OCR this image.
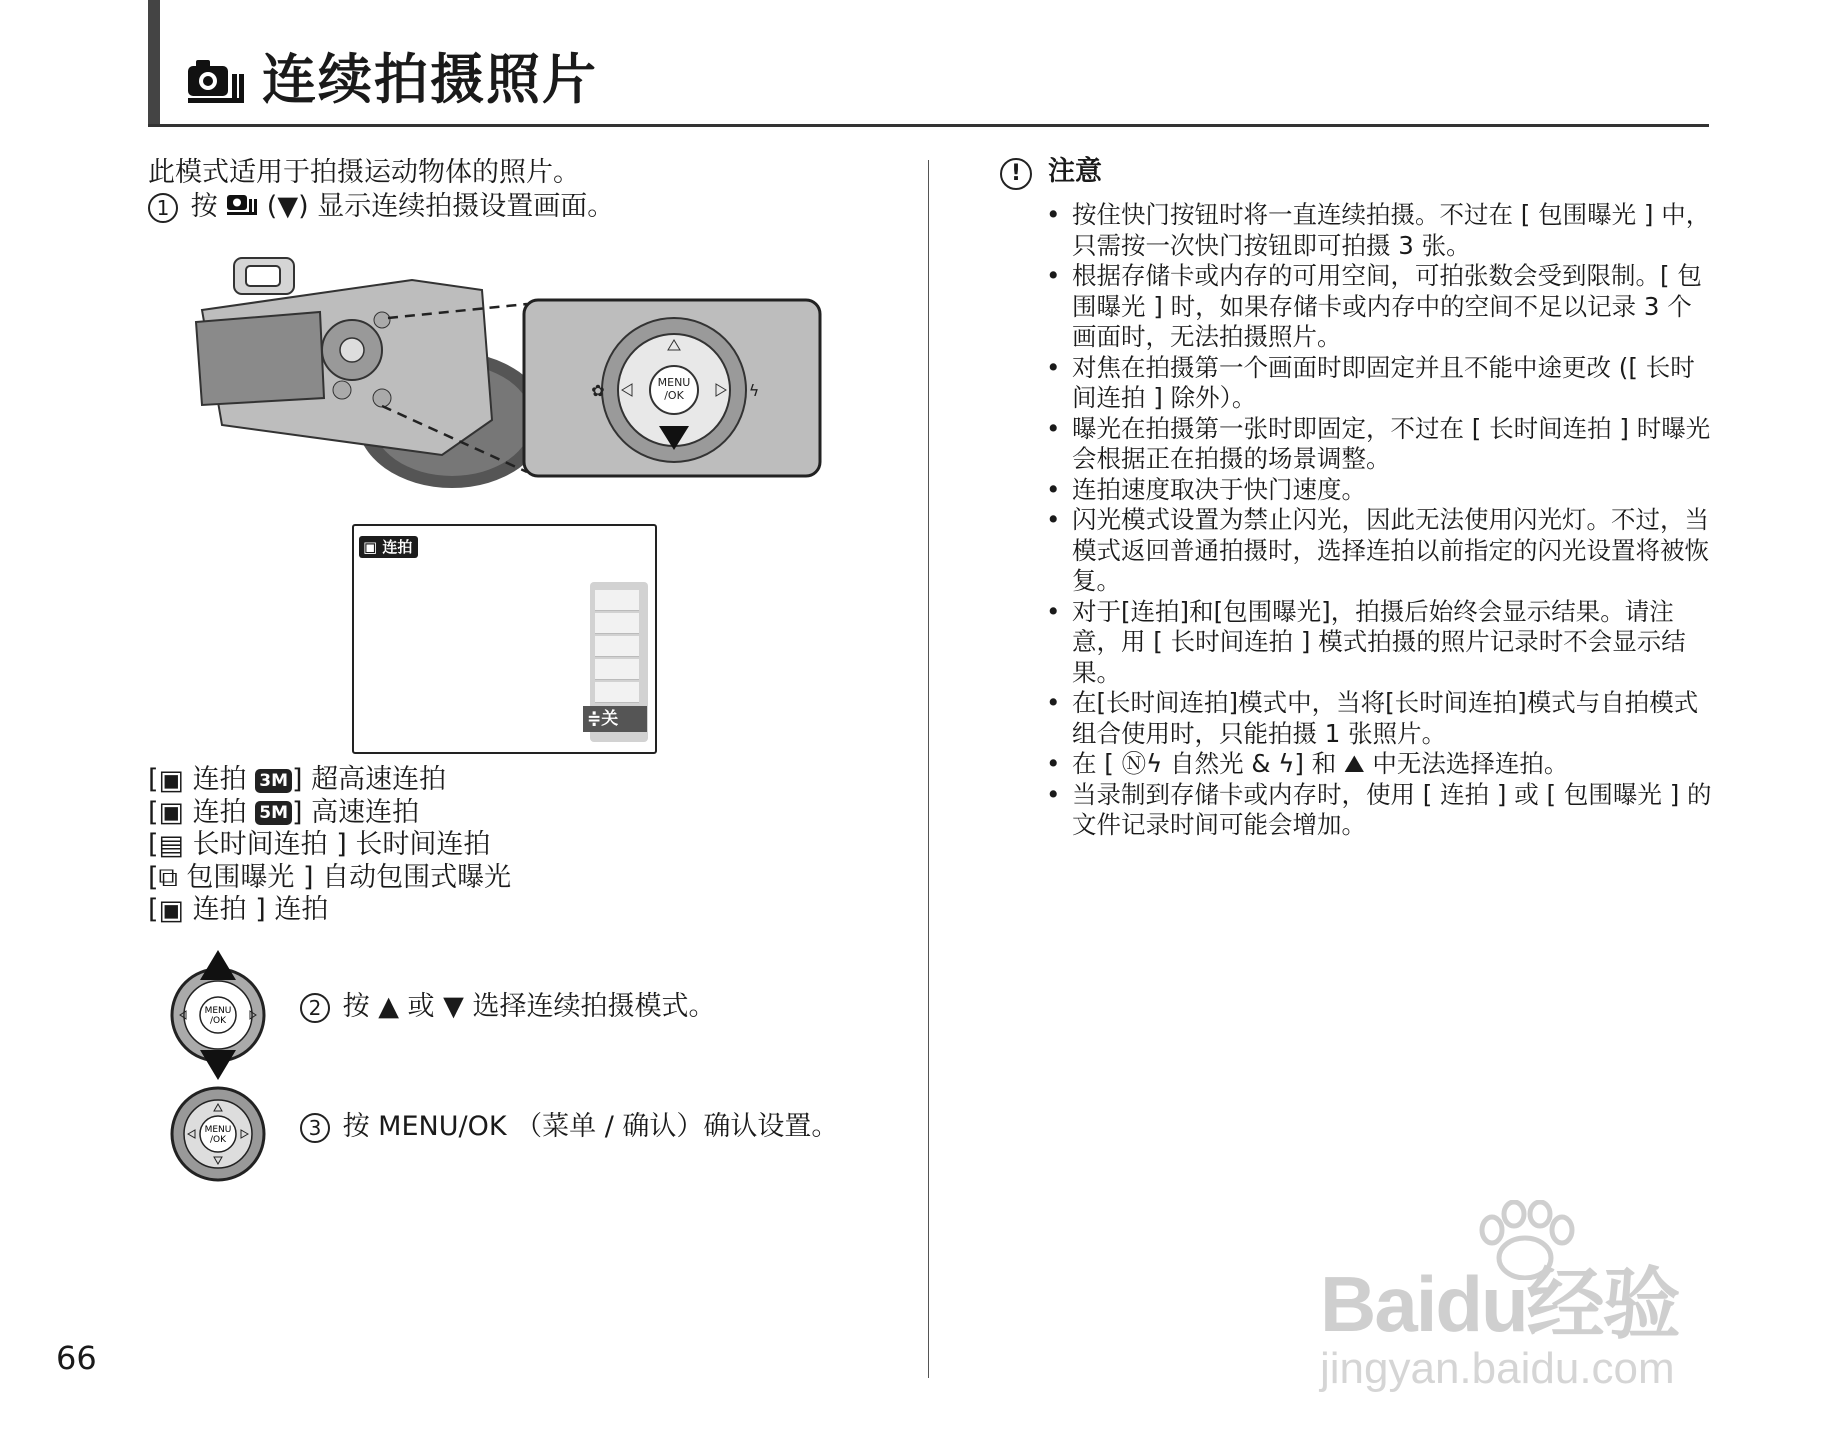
连续拍摄照片
此模式适用于拍摄运动物体的照片。
1 按 (▼) 显示连续拍摄设置画面。
MENU
/OK
✿	ϟ
▣ 连拍
≑关
[▣ 连拍 3M ] 超高速连拍
[▣ 连拍 5M ] 高速连拍
[▤ 长时间连拍 ] 长时间连拍
[⧉ 包围曝光 ] 自动包围式曝光
[▣ 连拍 ] 连拍
MENU
/OK
2 按 ▲ 或 ▼ 选择连续拍摄模式。
MENU
/OK
3 按 MENU/OK （菜单 / 确认）确认设置。
! 注意
• 按住快门按钮时将一直连续拍摄。不过在 [ 包围曝光 ] 中，只需按一次快门按钮即可拍摄 3 张。
• 根据存储卡或内存的可用空间，可拍张数会受到限制。[ 包围曝光 ] 时，如果存储卡或内存中的空间不足以记录 3 个画面时，无法拍摄照片。
• 对焦在拍摄第一个画面时即固定并且不能中途更改 ([ 长时间连拍 ] 除外）。
• 曝光在拍摄第一张时即固定，不过在 [ 长时间连拍 ] 时曝光会根据正在拍摄的场景调整。
• 连拍速度取决于快门速度。
• 闪光模式设置为禁止闪光，因此无法使用闪光灯。不过，当模式返回普通拍摄时，选择连拍以前指定的闪光设置将被恢复。
• 对于[连拍]和[包围曝光]，拍摄后始终会显示结果。请注意，用 [ 长时间连拍 ] 模式拍摄的照片记录时不会显示结果。
• 在[长时间连拍]模式中，当将[长时间连拍]模式与自拍模式组合使用时，只能拍摄 1 张照片。
• 在 [ Ⓝϟ 自然光 & ϟ] 和 ⛰ 中无法选择连拍。
• 当录制到存储卡或内存时，使用 [ 连拍 ] 或 [ 包围曝光 ] 的文件记录时间可能会增加。
66
Baidu经验
jingyan.baidu.com
